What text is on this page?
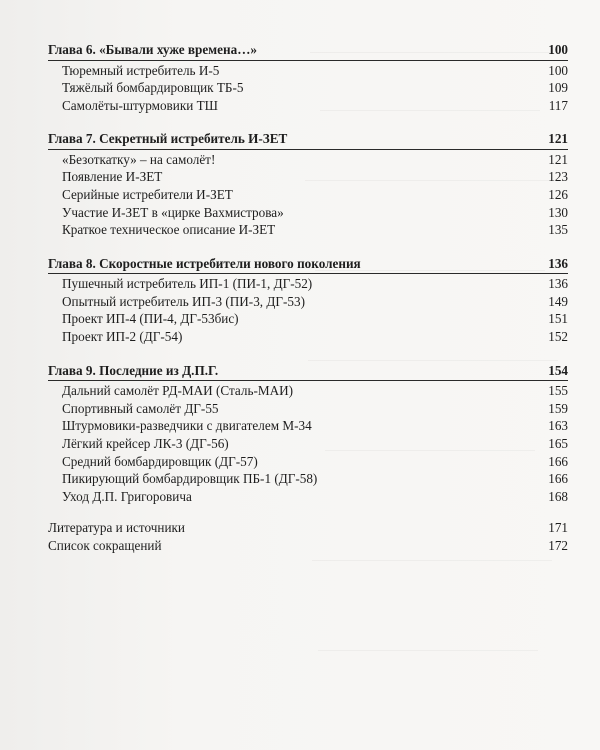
Глава 6. «Бывали хуже времена…»	100
Тюремный истребитель И-5	100
Тяжёлый бомбардировщик ТБ-5	109
Самолёты-штурмовики ТШ	117
Глава 7. Секретный истребитель И-ЗЕТ	121
«Безоткатку» – на самолёт!	121
Появление И-ЗЕТ	123
Серийные истребители И-ЗЕТ	126
Участие И-ЗЕТ в «цирке Вахмистрова»	130
Краткое техническое описание И-ЗЕТ	135
Глава 8. Скоростные истребители нового поколения	136
Пушечный истребитель ИП-1 (ПИ-1, ДГ-52)	136
Опытный истребитель ИП-3 (ПИ-3, ДГ-53)	149
Проект ИП-4 (ПИ-4, ДГ-53бис)	151
Проект ИП-2 (ДГ-54)	152
Глава 9. Последние из Д.П.Г.	154
Дальний самолёт РД-МАИ (Сталь-МАИ)	155
Спортивный самолёт ДГ-55	159
Штурмовики-разведчики с двигателем М-34	163
Лёгкий крейсер ЛК-3 (ДГ-56)	165
Средний бомбардировщик (ДГ-57)	166
Пикирующий бомбардировщик ПБ-1 (ДГ-58)	166
Уход Д.П. Григоровича	168
Литература и источники	171
Список сокращений	172
